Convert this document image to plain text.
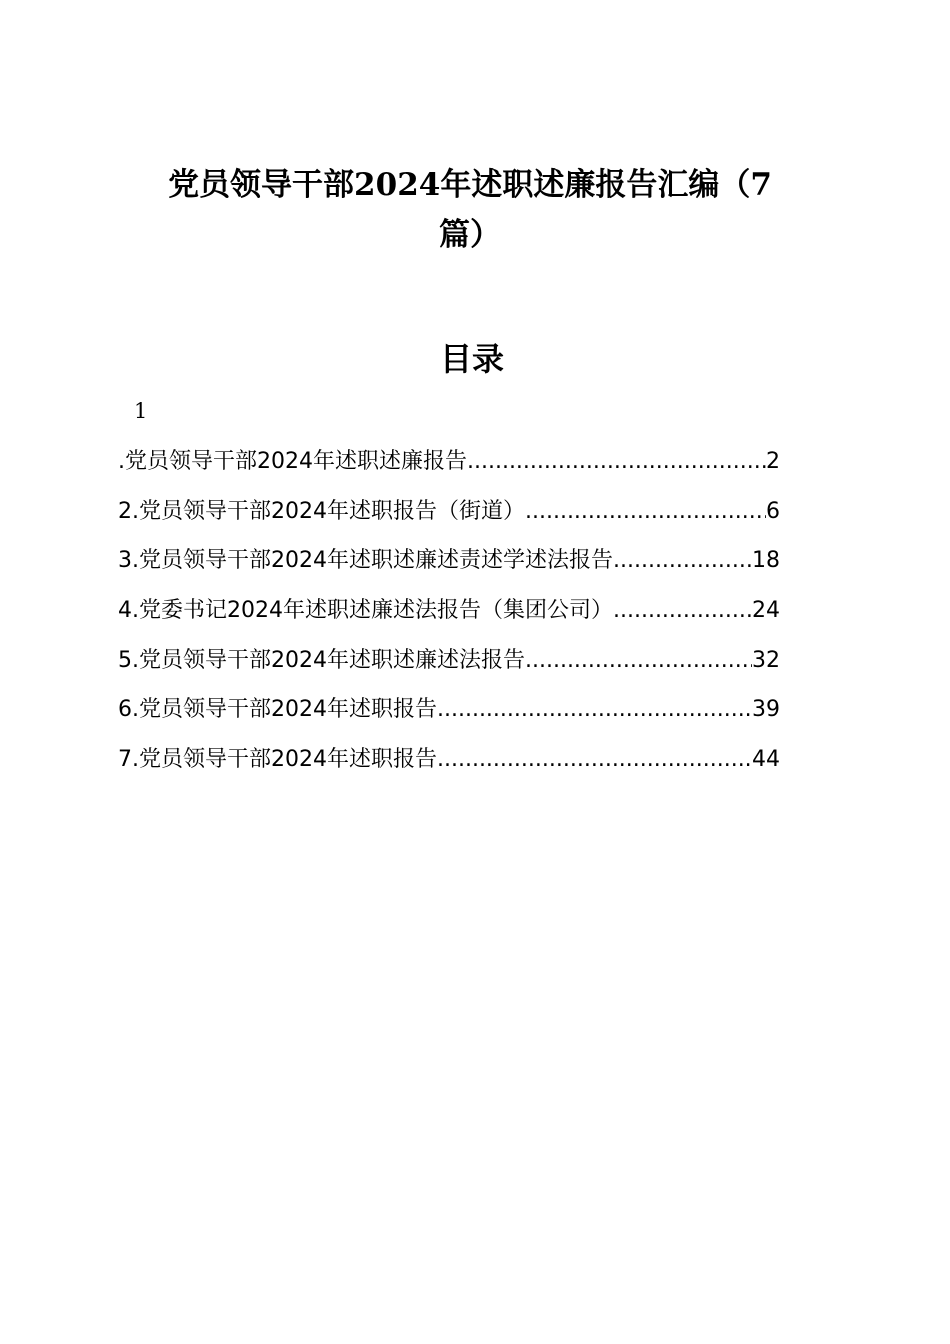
党员领导干部2024年述职述廉报告汇编（7
篇）
目录
1
.党员领导干部2024年述职述廉报告 .....	2
2.党员领导干部2024年述职报告（街道） .....	6
3.党员领导干部2024年述职述廉述责述学述法报告 .....	18
4.党委书记2024年述职述廉述法报告（集团公司） .....	24
5.党员领导干部2024年述职述廉述法报告 .....	32
6.党员领导干部2024年述职报告 .....	39
7.党员领导干部2024年述职报告 .....	44
